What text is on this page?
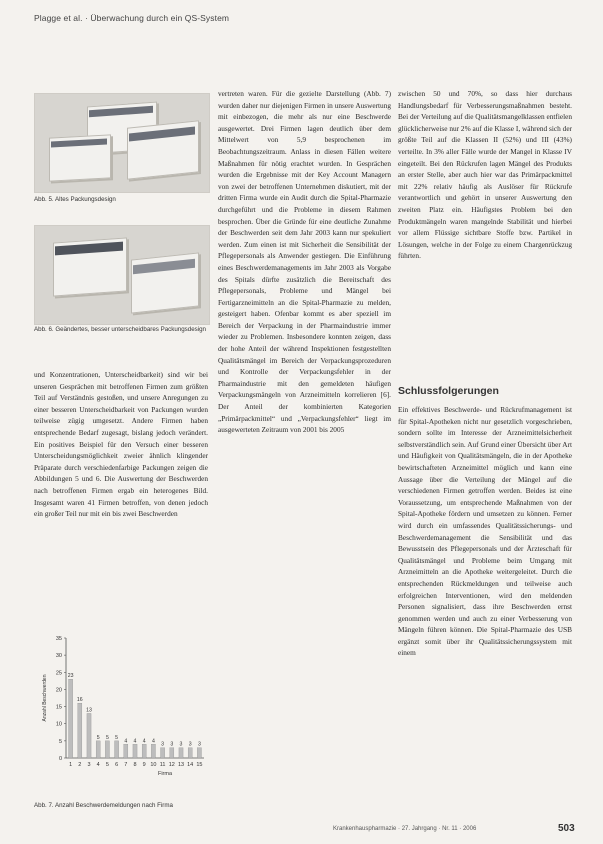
Plagge et al. · Überwachung durch ein QS-System
Abb. 5. Altes Packungsdesign
Abb. 6. Geändertes, besser unterscheidbares Packungsdesign
und Konzentrationen, Unterscheidbarkeit) sind wir bei unseren Gesprächen mit betroffenen Firmen zum größten Teil auf Verständnis gestoßen, und unsere Anregungen zu einer besseren Unterscheidbarkeit von Packungen wurden teilweise zügig umgesetzt. Andere Firmen haben entsprechende Bedarf zugesagt, bislang jedoch verändert. Ein positives Beispiel für den Versuch einer besseren Unterscheidungsmöglichkeit zweier ähnlich klingender Präparate durch verschiedenfarbige Packungen zeigen die Abbildungen 5 und 6. Die Auswertung der Beschwerden nach betroffenen Firmen ergab ein heterogenes Bild. Insgesamt waren 41 Firmen betroffen, von denen jedoch ein großer Teil nur mit ein bis zwei Beschwerden
vertreten waren. Für die gezielte Darstellung (Abb. 7) wurden daher nur diejenigen Firmen in unsere Auswertung mit einbezogen, die mehr als nur eine Beschwerde ausgewertet. Drei Firmen lagen deutlich über dem Mittelwert von 5,9 besprochenen im Beobachtungszeitraum. Anlass in diesen Fällen weitere Maßnahmen für nötig erachtet wurden. In Gesprächen wurden die Ergebnisse mit der Key Account Managern von zwei der betroffenen Unternehmen diskutiert, mit der dritten Firma wurde ein Audit durch die Spital-Pharmazie durchgeführt und die Probleme in diesem Rahmen besprochen. Über die Gründe für eine deutliche Zunahme der Beschwerden seit dem Jahr 2003 kann nur spekuliert werden. Zum einen ist mit Sicherheit die Sensibilität der Pflegepersonals als Anwender gestiegen. Die Einführung eines Beschwerdemanagements im Jahr 2003 als Vorgabe des Spitals dürfte zusätzlich die Bereitschaft des Pflegepersonals, Probleme und Mängel bei Fertigarzneimitteln an die Spital-Pharmazie zu melden, gesteigert haben. Ofenbar kommt es aber speziell im Bereich der Verpackung in der Pharmaindustrie immer wieder zu Problemen. Insbesondere konnten zeigen, dass der hohe Anteil der während Inspektionen festgestellten Qualitätsmängel im Bereich der Verpackungsprozeduren und Kontrolle der Verpackungsfehler in der Pharmaindustrie mit den gemeldeten häufigen Verpackungsmängeln von Arzneimitteln korrelieren [6]. Der Anteil der kombinierten Kategorien „Primärpackmittel“ und „Verpackungsfehler“ liegt im ausgewerteten Zeitraum von 2001 bis 2005
zwischen 50 und 70%, so dass hier durchaus Handlungsbedarf für Verbesserungsmaßnahmen besteht. Bei der Verteilung auf die Qualitätsmangelklassen entfielen glücklicherweise nur 2% auf die Klasse I, während sich der größte Teil auf die Klassen II (52%) und III (43%) verteilte. In 3% aller Fälle wurde der Mangel in Klasse IV eingeteilt. Bei den Rückrufen lagen Mängel des Produkts an erster Stelle, aber auch hier war das Primärpackmittel mit 22% relativ häufig als Auslöser für Rückrufe verantwortlich und gehört in unserer Auswertung den zweiten Platz ein. Häufigstes Problem bei den Produktmängeln waren mangelnde Stabilität und hierbei vor allem Flüssige sichtbare Stoffe bzw. Partikel in Lösungen, welche in der Folge zu einem Chargenrückzug führten.
Schlussfolgerungen
Ein effektives Beschwerde- und Rückrufmanagement ist für Spital-Apotheken nicht nur gesetzlich vorgeschrieben, sondern sollte im Interesse der Arzneimittelsicherheit selbstverständlich sein. Auf Grund einer Übersicht über Art und Häufigkeit von Qualitätsmängeln, die in der Apotheke bewirtschafteten Arzneimittel möglich und kann eine Aussage über die Verteilung der Mängel auf die verschiedenen Firmen getroffen werden. Beides ist eine Voraussetzung, um entsprechende Maßnahmen von der Spital-Apotheke fördern und umsetzen zu können. Ferner wird durch ein umfassendes Qualitätssicherungs- und Beschwerdemanagement die Sensibilität und das Bewusstsein des Pflegepersonals und der Ärzteschaft für Qualitätsmängel und Probleme beim Umgang mit Arzneimitteln an die Apotheke weitergeleitet. Durch die entsprechenden Rückmeldungen und teilweise auch erfolgreichen Interventionen, wird den meldenden Personen signalisiert, dass ihre Beschwerden ernst genommen werden und auch zu einer Verbesserung von Mängeln führen können. Die Spital-Pharmazie des USB ergänzt somit über ihr Qualitätssicherungssystem mit einem
0
5
10
15
20
25
30
35
Anzahl Beschwerden	23
1
16
2
13
3
5
4
5
5
5
6
4
7
4
8
4
9
4
10
3
11
3
12
3
13
3
14
3
15
Firma
Abb. 7. Anzahl Beschwerdemeldungen nach Firma
Krankenhauspharmazie · 27. Jahrgang · Nr. 11 · 2006	503
